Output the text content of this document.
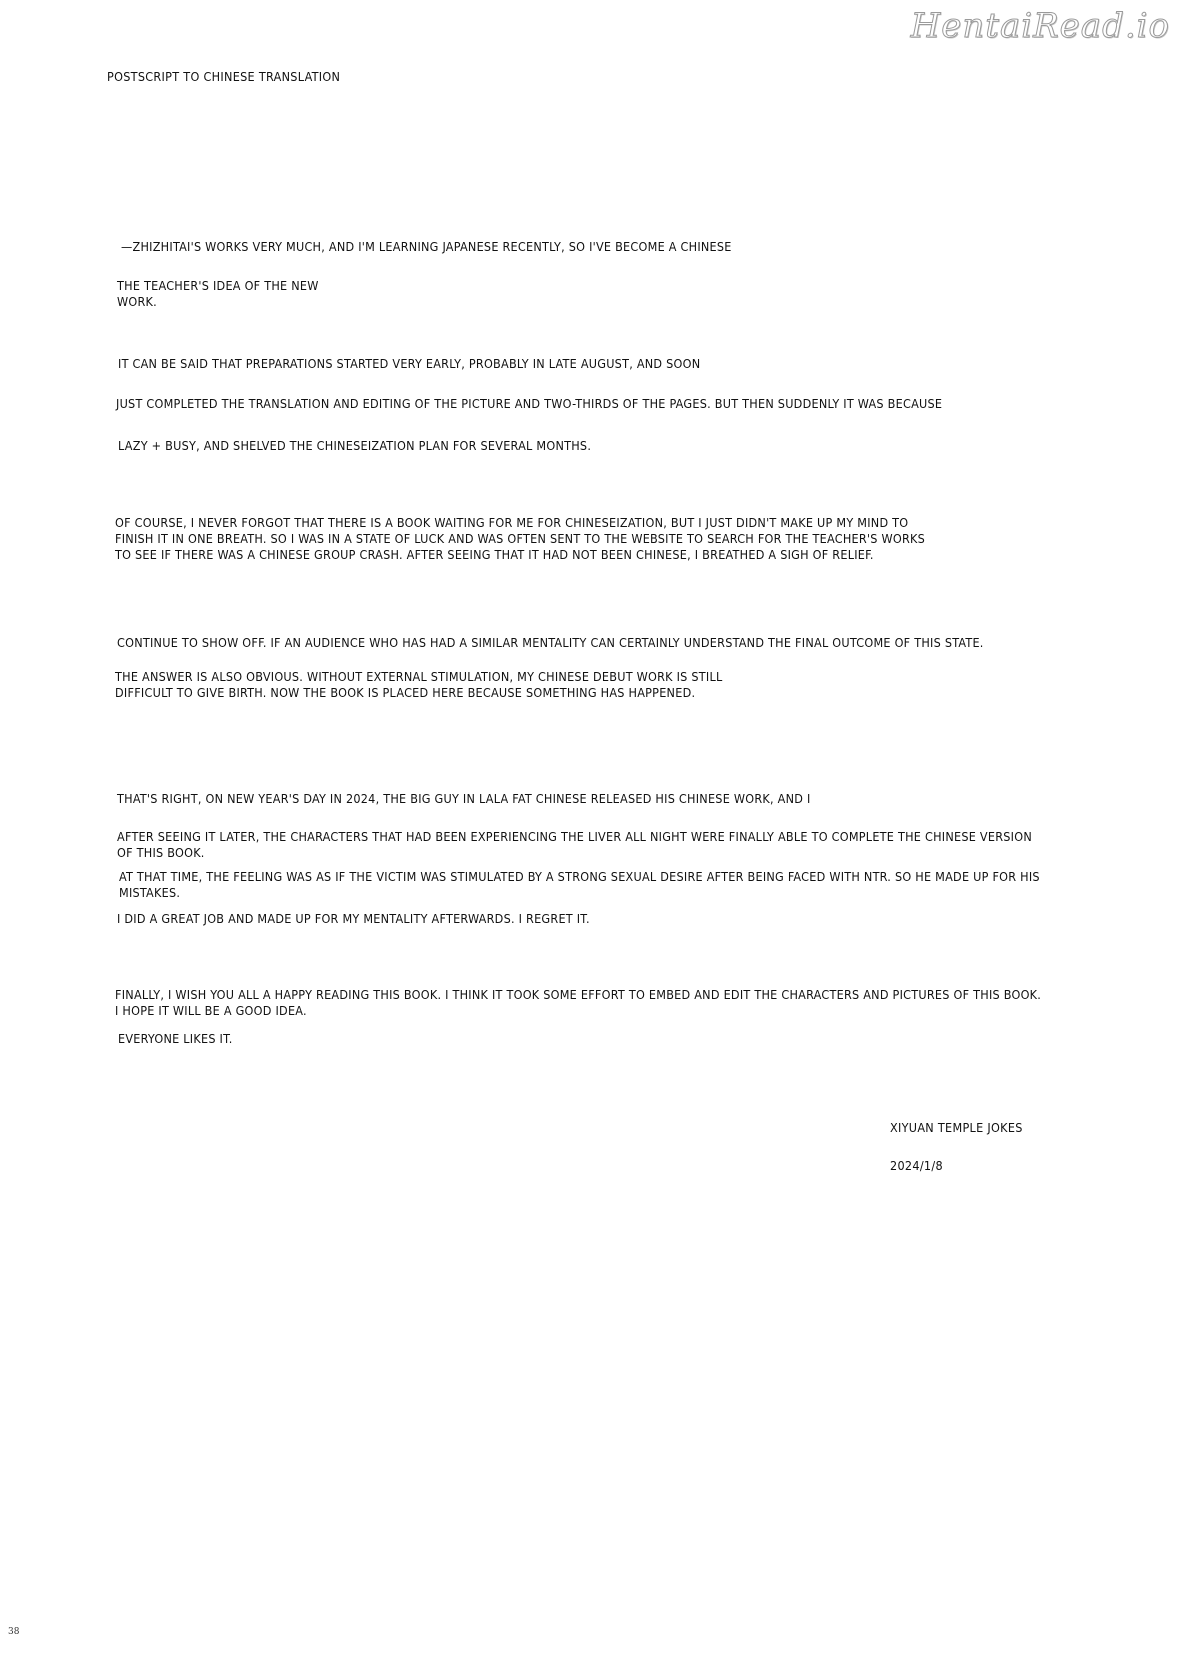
HentaiRead.io
POSTSCRIPT TO CHINESE TRANSLATION
—ZHIZHITAI'S WORKS VERY MUCH, AND I'M LEARNING JAPANESE RECENTLY, SO I'VE BECOME A CHINESE
THE TEACHER'S IDEA OF THE NEW
WORK.
IT CAN BE SAID THAT PREPARATIONS STARTED VERY EARLY, PROBABLY IN LATE AUGUST, AND SOON
JUST COMPLETED THE TRANSLATION AND EDITING OF THE PICTURE AND TWO-THIRDS OF THE PAGES. BUT THEN SUDDENLY IT WAS BECAUSE
LAZY + BUSY, AND SHELVED THE CHINESEIZATION PLAN FOR SEVERAL MONTHS.
OF COURSE, I NEVER FORGOT THAT THERE IS A BOOK WAITING FOR ME FOR CHINESEIZATION, BUT I JUST DIDN'T MAKE UP MY MIND TO
FINISH IT IN ONE BREATH. SO I WAS IN A STATE OF LUCK AND WAS OFTEN SENT TO THE WEBSITE TO SEARCH FOR THE TEACHER'S WORKS
TO SEE IF THERE WAS A CHINESE GROUP CRASH. AFTER SEEING THAT IT HAD NOT BEEN CHINESE, I BREATHED A SIGH OF RELIEF.
CONTINUE TO SHOW OFF. IF AN AUDIENCE WHO HAS HAD A SIMILAR MENTALITY CAN CERTAINLY UNDERSTAND THE FINAL OUTCOME OF THIS STATE.
THE ANSWER IS ALSO OBVIOUS. WITHOUT EXTERNAL STIMULATION, MY CHINESE DEBUT WORK IS STILL
DIFFICULT TO GIVE BIRTH. NOW THE BOOK IS PLACED HERE BECAUSE SOMETHING HAS HAPPENED.
THAT'S RIGHT, ON NEW YEAR'S DAY IN 2024, THE BIG GUY IN LALA FAT CHINESE RELEASED HIS CHINESE WORK, AND I
AFTER SEEING IT LATER, THE CHARACTERS THAT HAD BEEN EXPERIENCING THE LIVER ALL NIGHT WERE FINALLY ABLE TO COMPLETE THE CHINESE VERSION
OF THIS BOOK.
AT THAT TIME, THE FEELING WAS AS IF THE VICTIM WAS STIMULATED BY A STRONG SEXUAL DESIRE AFTER BEING FACED WITH NTR. SO HE MADE UP FOR HIS
MISTAKES.
I DID A GREAT JOB AND MADE UP FOR MY MENTALITY AFTERWARDS. I REGRET IT.
FINALLY, I WISH YOU ALL A HAPPY READING THIS BOOK. I THINK IT TOOK SOME EFFORT TO EMBED AND EDIT THE CHARACTERS AND PICTURES OF THIS BOOK.
I HOPE IT WILL BE A GOOD IDEA.
EVERYONE LIKES IT.
XIYUAN TEMPLE JOKES
2024/1/8
38
